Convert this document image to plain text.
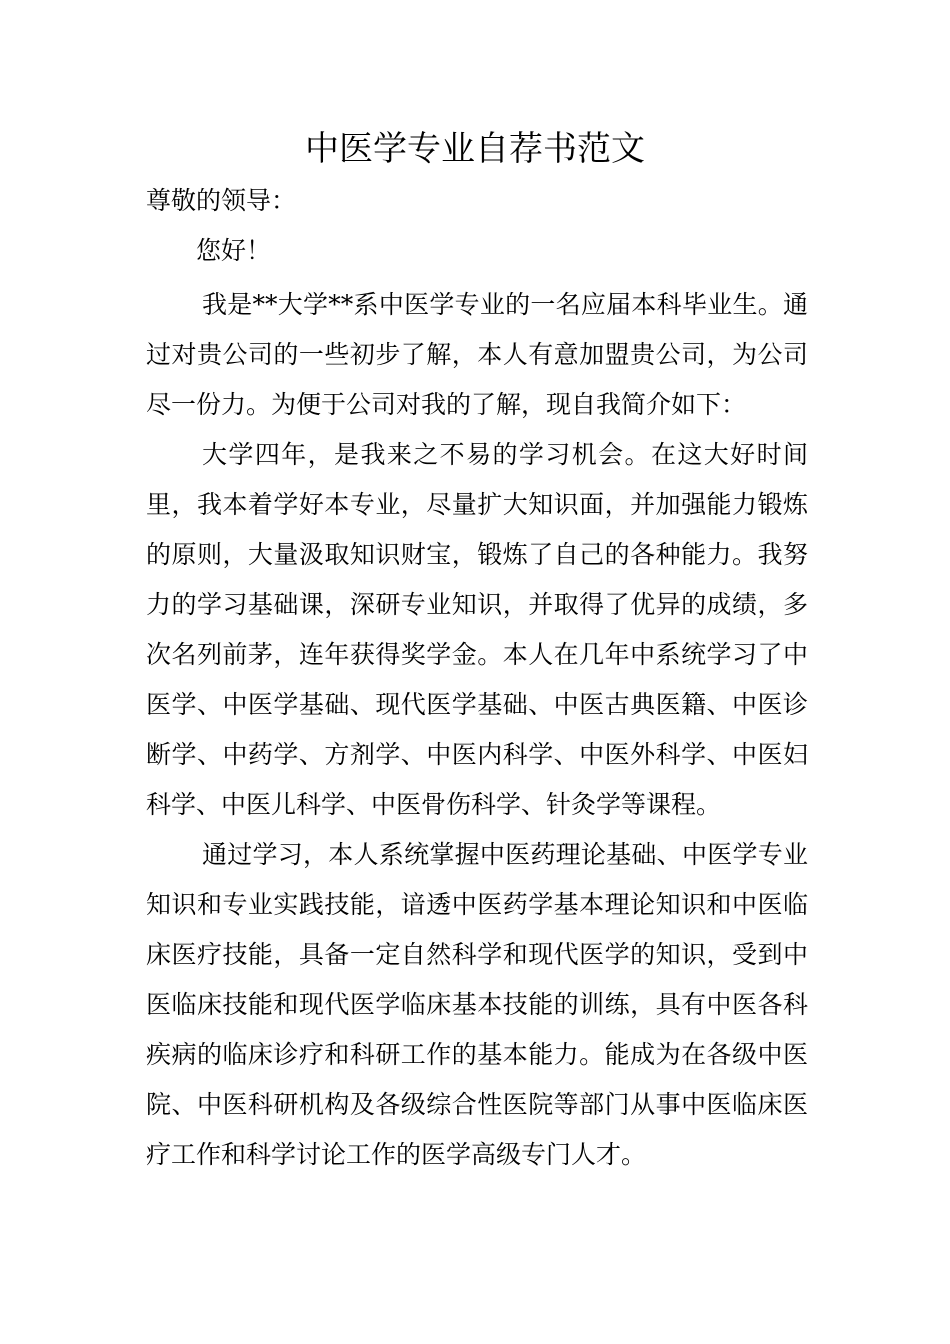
中医学专业自荐书范文

尊敬的领导：

您好！

我是**大学**系中医学专业的一名应届本科毕业生。通过对贵公司的一些初步了解，本人有意加盟贵公司，为公司尽一份力。为便于公司对我的了解，现自我简介如下：

大学四年，是我来之不易的学习机会。在这大好时间里，我本着学好本专业，尽量扩大知识面，并加强能力锻炼的原则，大量汲取知识财宝，锻炼了自己的各种能力。我努力的学习基础课，深研专业知识，并取得了优异的成绩，多次名列前茅，连年获得奖学金。本人在几年中系统学习了中医学、中医学基础、现代医学基础、中医古典医籍、中医诊断学、中药学、方剂学、中医内科学、中医外科学、中医妇科学、中医儿科学、中医骨伤科学、针灸学等课程。

通过学习，本人系统掌握中医药理论基础、中医学专业知识和专业实践技能，谙透中医药学基本理论知识和中医临床医疗技能，具备一定自然科学和现代医学的知识，受到中医临床技能和现代医学临床基本技能的训练，具有中医各科疾病的临床诊疗和科研工作的基本能力。能成为在各级中医院、中医科研机构及各级综合性医院等部门从事中医临床医疗工作和科学讨论工作的医学高级专门人才。
